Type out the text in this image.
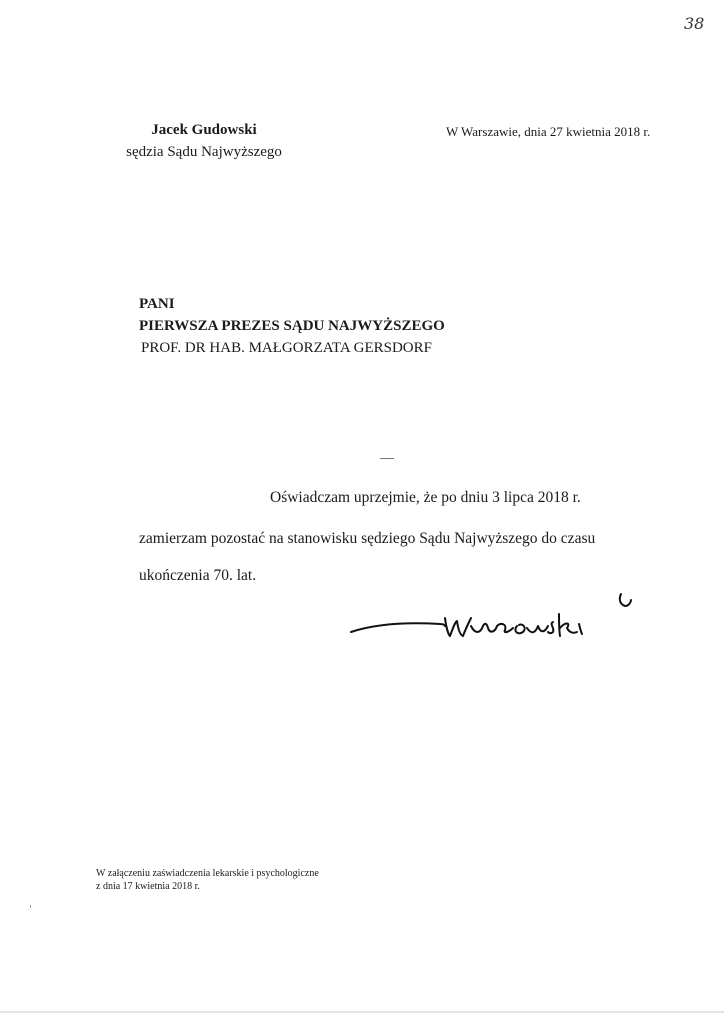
38
Jacek Gudowski
sędzia Sądu Najwyższego
W Warszawie, dnia 27 kwietnia 2018 r.
PANI
PIERWSZA PREZES SĄDU NAJWYŻSZEGO
PROF. DR HAB. MAŁGORZATA GERSDORF
Oświadczam uprzejmie, że po dniu 3 lipca 2018 r.
zamierzam pozostać na stanowisku sędziego Sądu Najwyższego do czasu
ukończenia 70. lat.
W załączeniu zaświadczenia lekarskie i psychologiczne
z dnia 17 kwietnia 2018 r.
